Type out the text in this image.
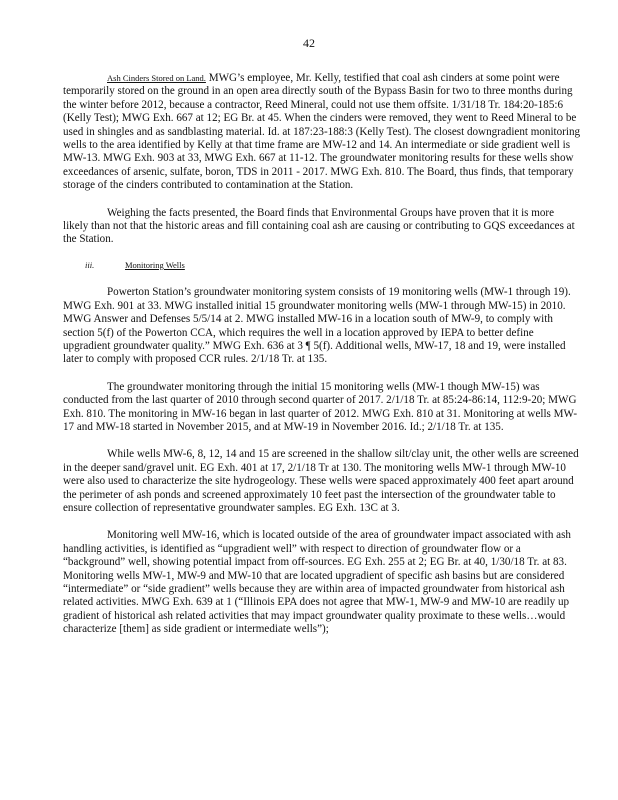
42

Ash Cinders Stored on Land. MWG’s employee, Mr. Kelly, testified that coal ash cinders at some point were temporarily stored on the ground in an open area directly south of the Bypass Basin for two to three months during the winter before 2012, because a contractor, Reed Mineral, could not use them offsite. 1/31/18 Tr. 184:20-185:6 (Kelly Test); MWG Exh. 667 at 12; EG Br. at 45. When the cinders were removed, they went to Reed Mineral to be used in shingles and as sandblasting material. Id. at 187:23-188:3 (Kelly Test). The closest downgradient monitoring wells to the area identified by Kelly at that time frame are MW-12 and 14. An intermediate or side gradient well is MW-13. MWG Exh. 903 at 33, MWG Exh. 667 at 11-12. The groundwater monitoring results for these wells show exceedances of arsenic, sulfate, boron, TDS in 2011 - 2017. MWG Exh. 810. The Board, thus finds, that temporary storage of the cinders contributed to contamination at the Station.

Weighing the facts presented, the Board finds that Environmental Groups have proven that it is more likely than not that the historic areas and fill containing coal ash are causing or contributing to GQS exceedances at the Station.

iii.	Monitoring Wells

Powerton Station’s groundwater monitoring system consists of 19 monitoring wells (MW-1 through 19). MWG Exh. 901 at 33. MWG installed initial 15 groundwater monitoring wells (MW-1 through MW-15) in 2010. MWG Answer and Defenses 5/5/14 at 2. MWG installed MW-16 in a location south of MW-9, to comply with section 5(f) of the Powerton CCA, which requires the well in a location approved by IEPA to better define upgradient groundwater quality.” MWG Exh. 636 at 3 ¶ 5(f). Additional wells, MW-17, 18 and 19, were installed later to comply with proposed CCR rules. 2/1/18 Tr. at 135.

The groundwater monitoring through the initial 15 monitoring wells (MW-1 though MW-15) was conducted from the last quarter of 2010 through second quarter of 2017. 2/1/18 Tr. at 85:24-86:14, 112:9-20; MWG Exh. 810. The monitoring in MW-16 began in last quarter of 2012. MWG Exh. 810 at 31. Monitoring at wells MW-17 and MW-18 started in November 2015, and at MW-19 in November 2016. Id.; 2/1/18 Tr. at 135.

While wells MW-6, 8, 12, 14 and 15 are screened in the shallow silt/clay unit, the other wells are screened in the deeper sand/gravel unit. EG Exh. 401 at 17, 2/1/18 Tr at 130. The monitoring wells MW-1 through MW-10 were also used to characterize the site hydrogeology. These wells were spaced approximately 400 feet apart around the perimeter of ash ponds and screened approximately 10 feet past the intersection of the groundwater table to ensure collection of representative groundwater samples. EG Exh. 13C at 3.

Monitoring well MW-16, which is located outside of the area of groundwater impact associated with ash handling activities, is identified as “upgradient well” with respect to direction of groundwater flow or a “background” well, showing potential impact from off-sources. EG Exh. 255 at 2; EG Br. at 40, 1/30/18 Tr. at 83. Monitoring wells MW-1, MW-9 and MW-10 that are located upgradient of specific ash basins but are considered “intermediate” or “side gradient” wells because they are within area of impacted groundwater from historical ash related activities. MWG Exh. 639 at 1 (“Illinois EPA does not agree that MW-1, MW-9 and MW-10 are readily up gradient of historical ash related activities that may impact groundwater quality proximate to these wells…would characterize [them] as side gradient or intermediate wells”);
